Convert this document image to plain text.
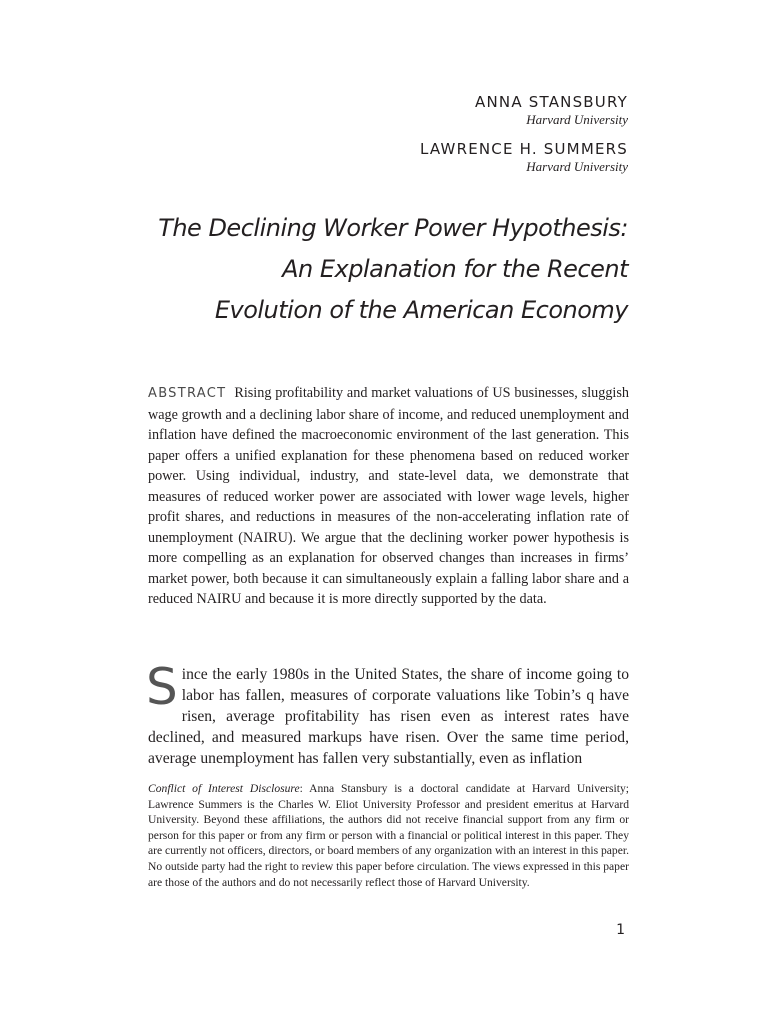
ANNA STANSBURY
Harvard University
LAWRENCE H. SUMMERS
Harvard University
The Declining Worker Power Hypothesis:
An Explanation for the Recent
Evolution of the American Economy

ABSTRACT Rising profitability and market valuations of US businesses, sluggish wage growth and a declining labor share of income, and reduced unemployment and inflation have defined the macroeconomic environment of the last generation. This paper offers a unified explanation for these phenomena based on reduced worker power. Using individual, industry, and state-level data, we demonstrate that measures of reduced worker power are associated with lower wage levels, higher profit shares, and reductions in measures of the non-accelerating inflation rate of unemployment (NAIRU). We argue that the declining worker power hypothesis is more compelling as an explanation for observed changes than increases in firms’ market power, both because it can simultaneously explain a falling labor share and a reduced NAIRU and because it is more directly supported by the data.

Since the early 1980s in the United States, the share of income going to labor has fallen, measures of corporate valuations like Tobin’s q have risen, average profitability has risen even as interest rates have declined, and measured markups have risen. Over the same time period, average unemployment has fallen very substantially, even as inflation

Conflict of Interest Disclosure: Anna Stansbury is a doctoral candidate at Harvard University; Lawrence Summers is the Charles W. Eliot University Professor and president emeritus at Harvard University. Beyond these affiliations, the authors did not receive financial support from any firm or person for this paper or from any firm or person with a financial or political interest in this paper. They are currently not officers, directors, or board members of any organization with an interest in this paper. No outside party had the right to review this paper before circulation. The views expressed in this paper are those of the authors and do not necessarily reflect those of Harvard University.

1
